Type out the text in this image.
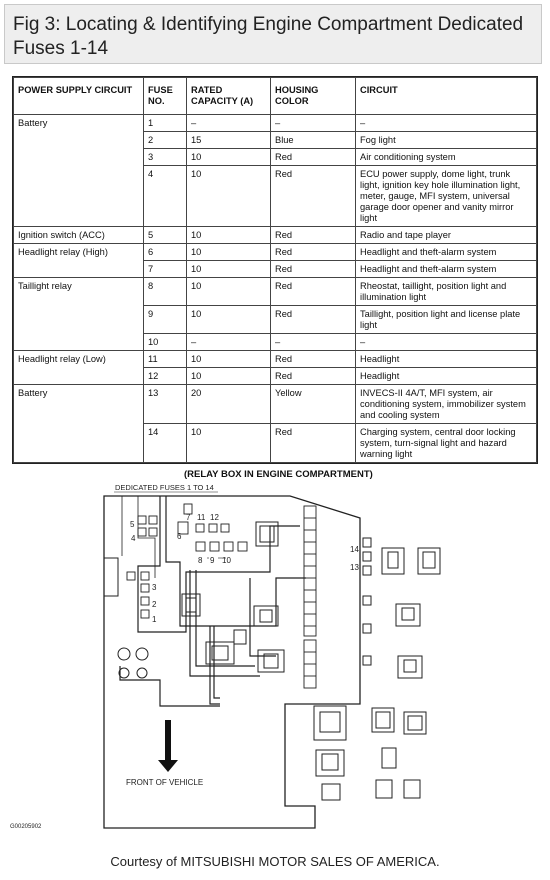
Fig 3: Locating & Identifying Engine Compartment Dedicated Fuses 1-14
POWER SUPPLY CIRCUIT	FUSE NO.	RATED CAPACITY (A)	HOUSING COLOR	CIRCUIT
Battery	1	–	–	–
	2	15	Blue	Fog light
	3	10	Red	Air conditioning system
	4	10	Red	ECU power supply, dome light, trunk light, ignition key hole illumination light, meter, gauge, MFI system, universal garage door opener and vanity mirror light
Ignition switch (ACC)	5	10	Red	Radio and tape player
Headlight relay (High)	6	10	Red	Headlight and theft-alarm system
	7	10	Red	Headlight and theft-alarm system
Taillight relay	8	10	Red	Rheostat, taillight, position light and illumination light
	9	10	Red	Taillight, position light and license plate light
	10	–	–	–
Headlight relay (Low)	11	10	Red	Headlight
	12	10	Red	Headlight
Battery	13	20	Yellow	INVECS-II 4A/T, MFI system, air conditioning system, immobilizer system and cooling system
	14	10	Red	Charging system, central door locking system, turn-signal light and hazard warning light
(RELAY BOX IN ENGINE COMPARTMENT)
DEDICATED FUSES 1 TO 14
5
4	6
7 11 12
8 9 10
3
2
1
14
13
FRONT OF VEHICLE
G00205902
Courtesy of MITSUBISHI MOTOR SALES OF AMERICA.
